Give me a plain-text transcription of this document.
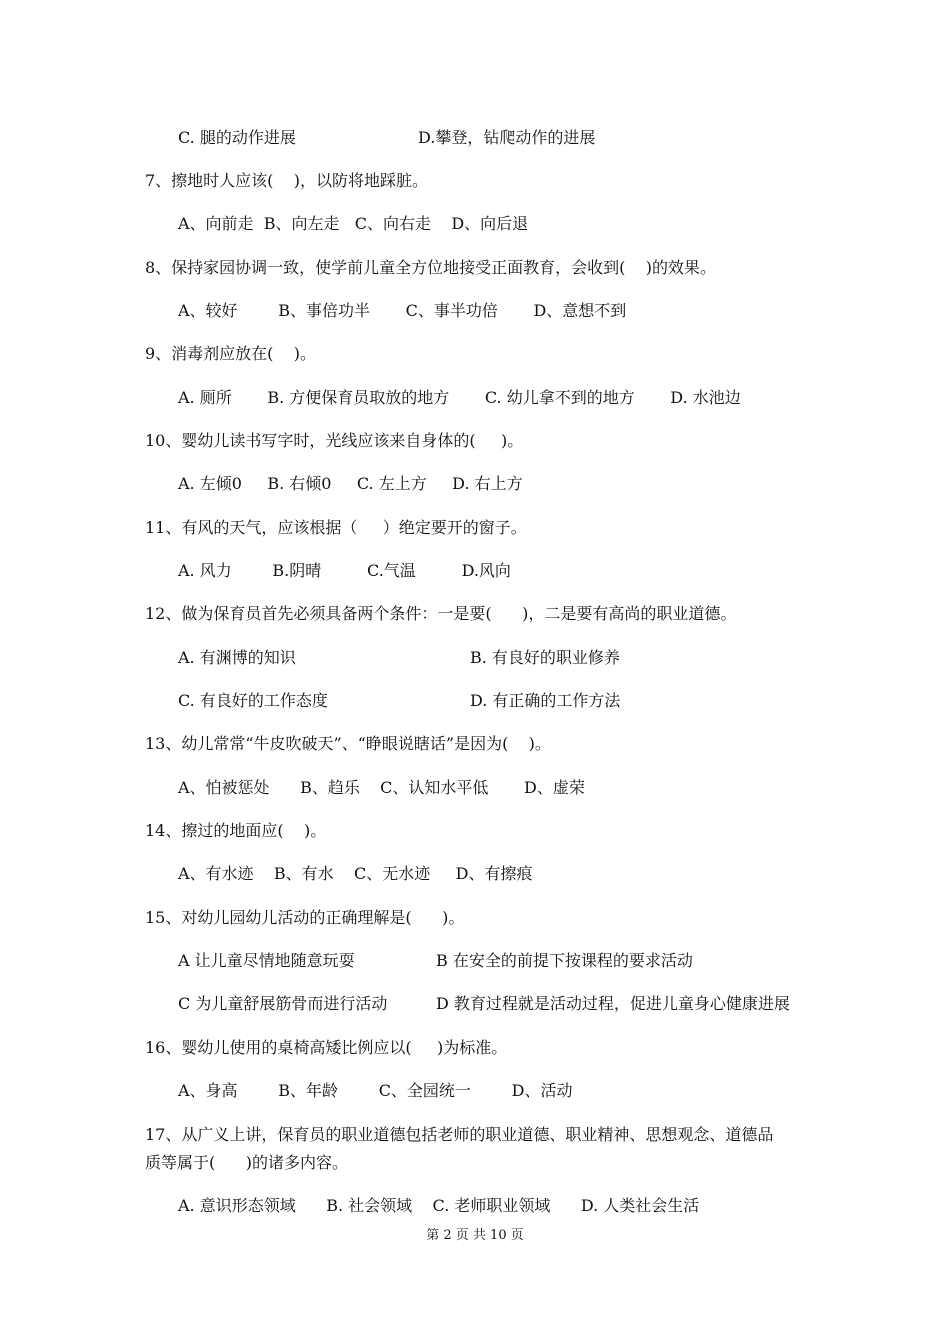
C. 腿的动作进展	D.攀登，钻爬动作的进展
7、擦地时人应该(    )，以防将地踩脏。
A、向前走  B、向左走   C、向右走    D、向后退
8、保持家园协调一致，使学前儿童全方位地接受正面教育，会收到(    )的效果。
A、较好        B、事倍功半       C、事半功倍       D、意想不到
9、消毒剂应放在(    )。
A. 厕所       B. 方便保育员取放的地方       C. 幼儿拿不到的地方       D. 水池边
10、婴幼儿读书写字时，光线应该来自身体的(     )。
A. 左倾0     B. 右倾0     C. 左上方     D. 右上方
11、有风的天气，应该根据（     ）绝定要开的窗子。
A. 风力        B.阴晴         C.气温         D.风向
12、做为保育员首先必须具备两个条件：一是要(      )，二是要有高尚的职业道德。
A. 有渊博的知识	B. 有良好的职业修养
C. 有良好的工作态度	D. 有正确的工作方法
13、幼儿常常“牛皮吹破天”、“睁眼说瞎话”是因为(    )。
A、怕被惩处      B、趋乐    C、认知水平低       D、虚荣
14、擦过的地面应(    )。
A、有水迹    B、有水    C、无水迹     D、有擦痕
15、对幼儿园幼儿活动的正确理解是(      )。
A 让儿童尽情地随意玩耍	B 在安全的前提下按课程的要求活动
C 为儿童舒展筋骨而进行活动	D 教育过程就是活动过程，促进儿童身心健康进展
16、婴幼儿使用的桌椅高矮比例应以(     )为标准。
A、身高        B、年龄        C、全园统一        D、活动
17、从广义上讲，保育员的职业道德包括老师的职业道德、职业精神、思想观念、道德品
质等属于(      )的诸多内容。
A. 意识形态领域      B. 社会领域    C. 老师职业领域      D. 人类社会生活
第 2 页 共 10 页
